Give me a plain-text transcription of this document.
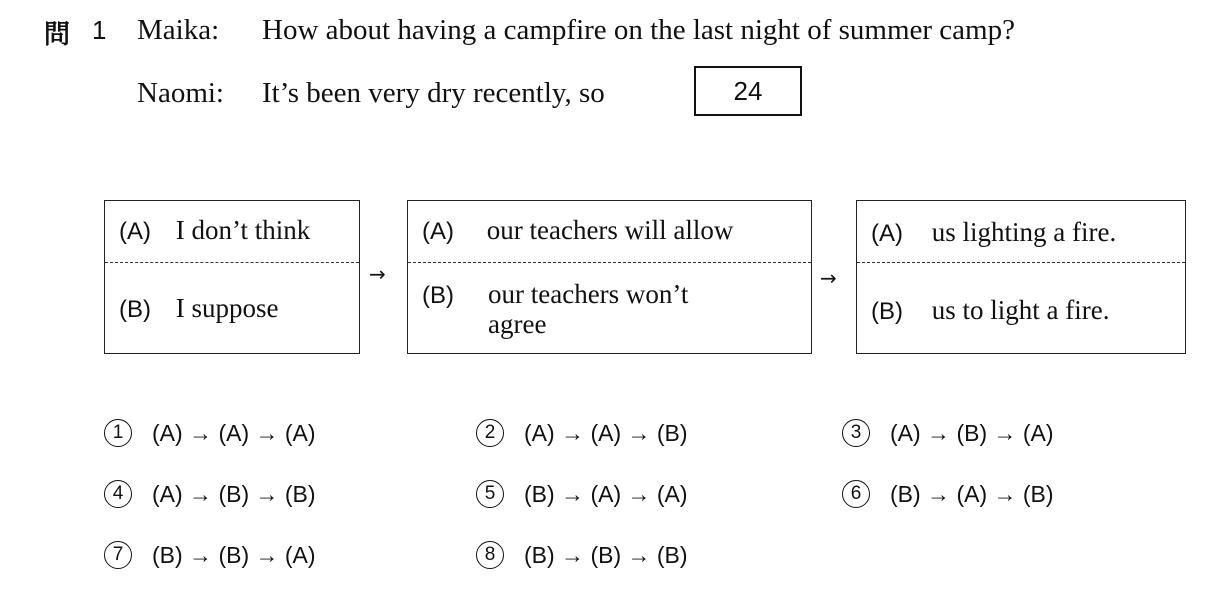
問 1 Maika: How about having a campfire on the last night of summer camp?
Naomi: It’s been very dry recently, so	24
(A) I don’t think
(B) I suppose
→
(A) our teachers will allow
(B) our teachers won’t
agree
→
(A) us lighting a fire.
(B) us to light a fire.
1	(A) → (A) → (A)	2	(A) → (A) → (B)	3	(A) → (B) → (A)
4	(A) → (B) → (B)	5	(B) → (A) → (A)	6	(B) → (A) → (B)
7	(B) → (B) → (A)	8	(B) → (B) → (B)
